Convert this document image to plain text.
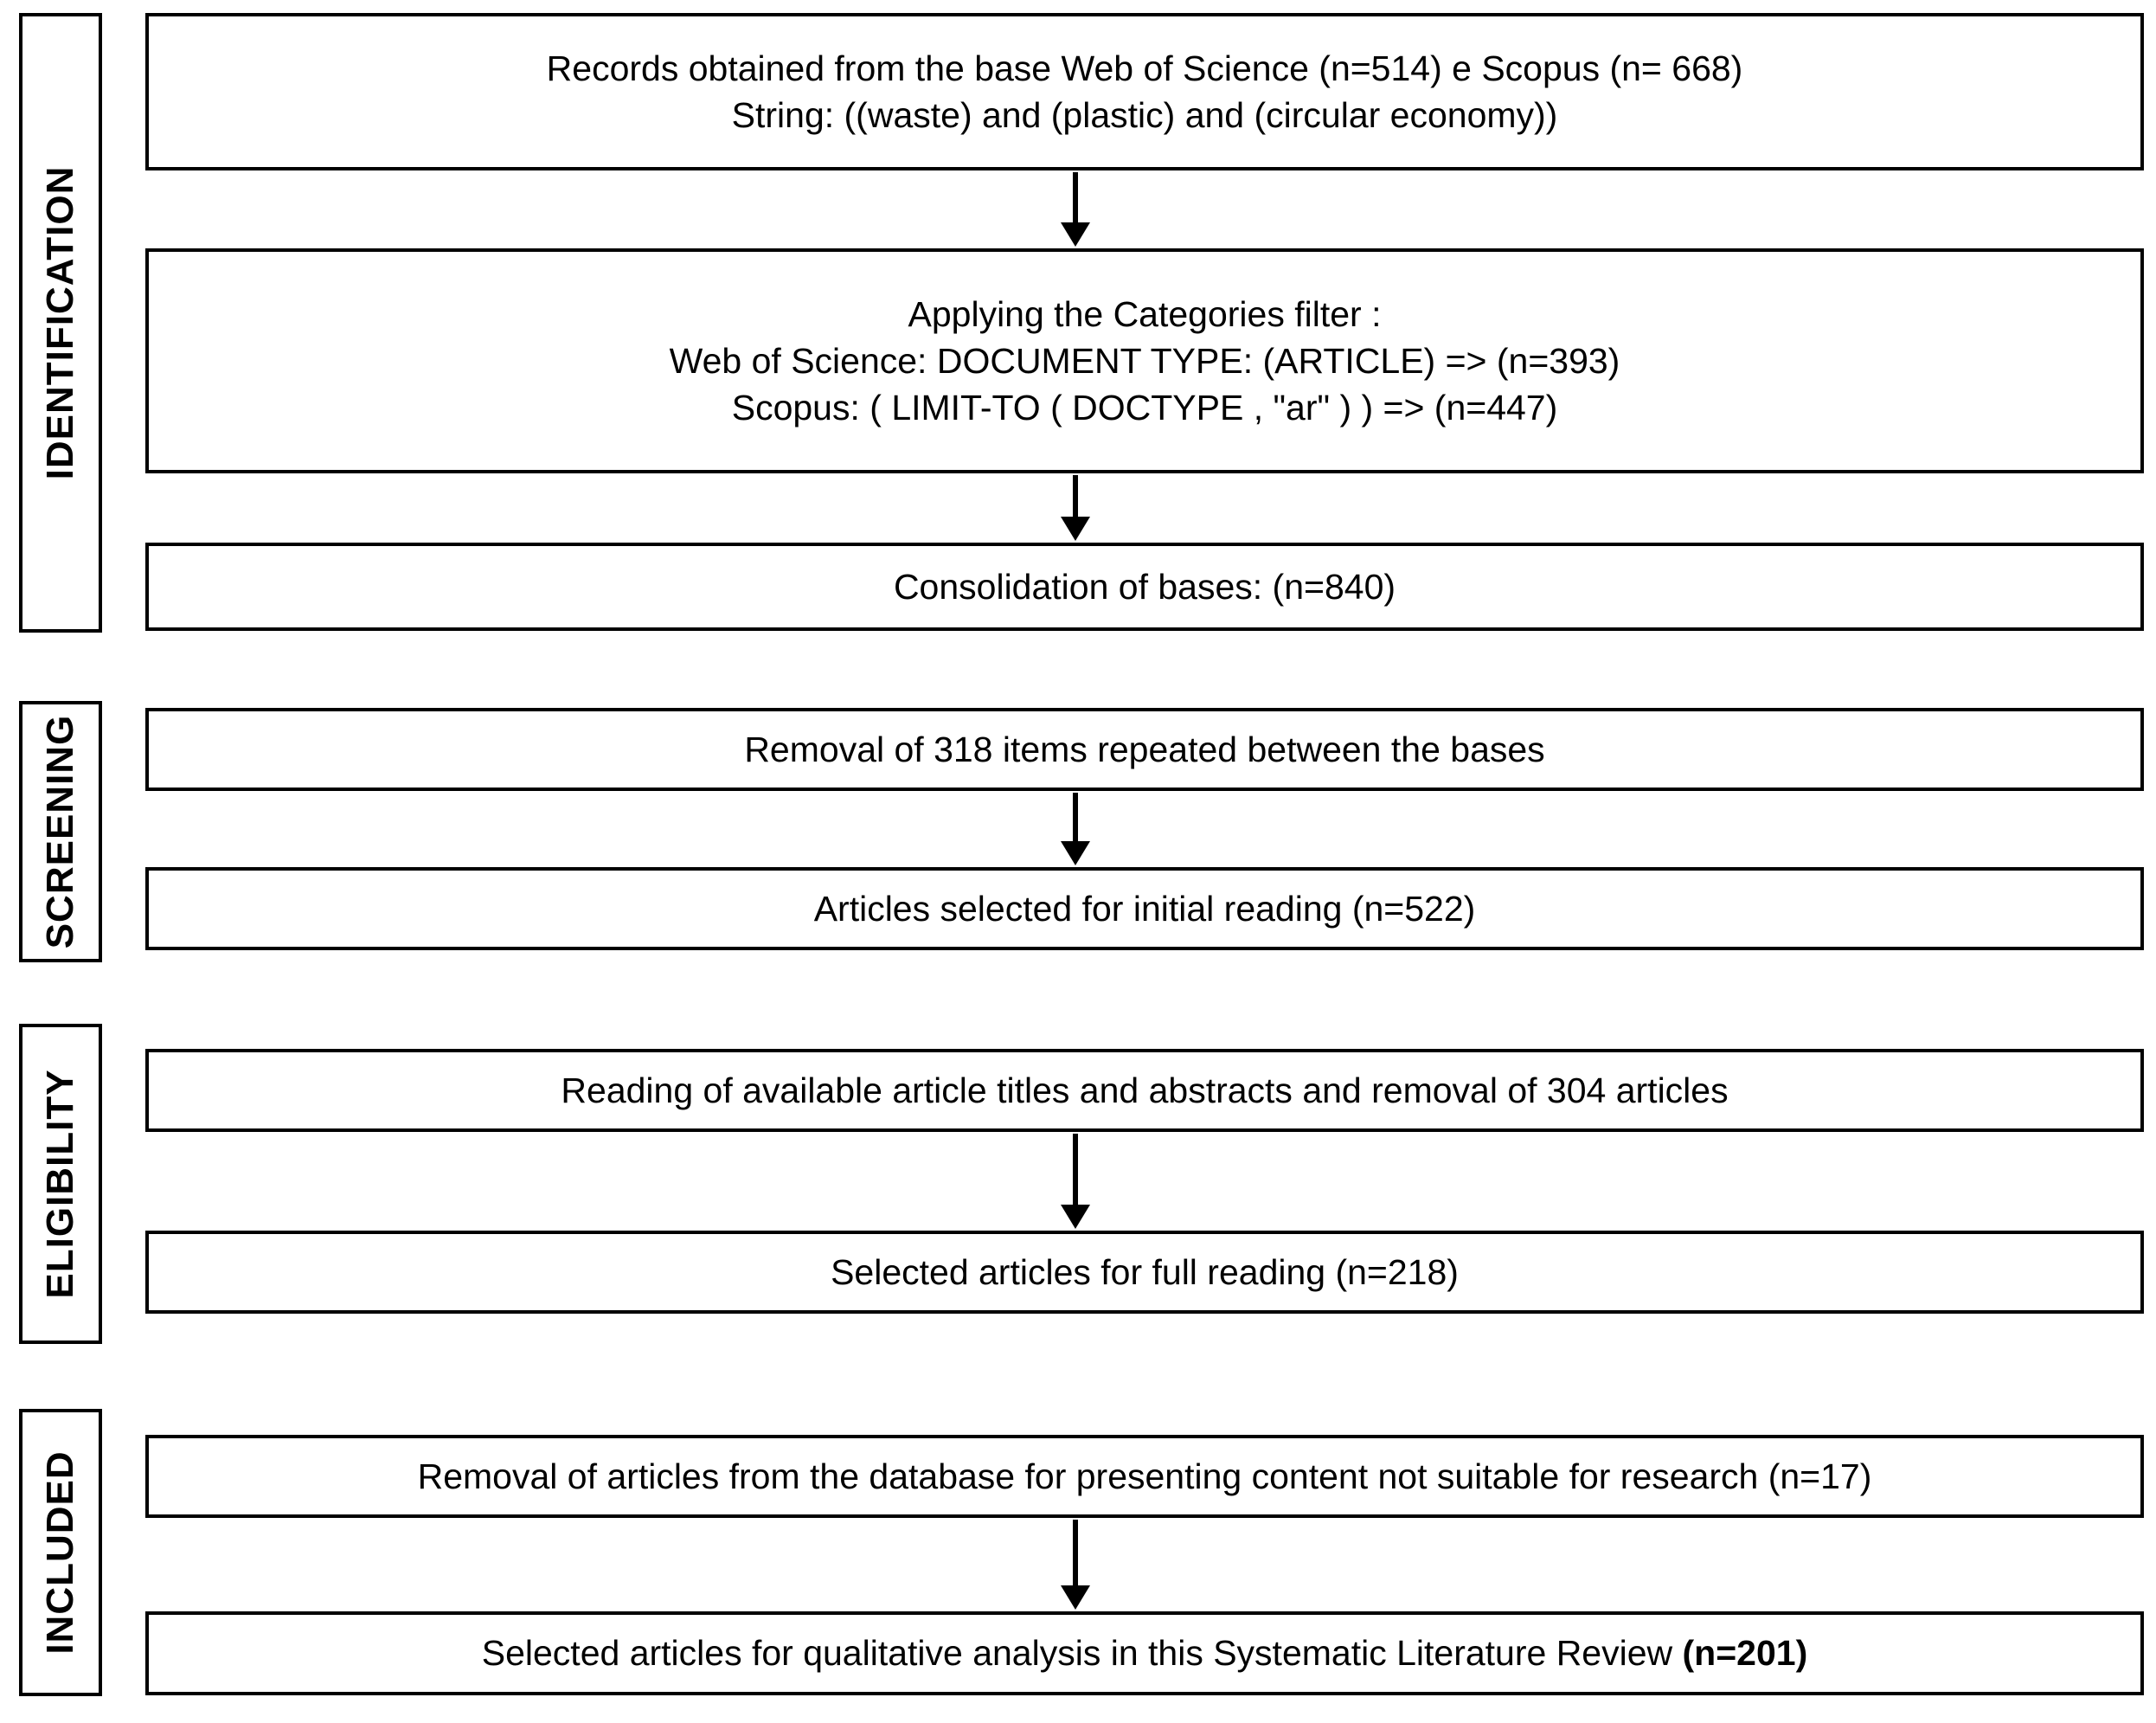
IDENTIFICATION
SCREENING
ELIGIBILITY
INCLUDED
Records obtained from the base Web of Science (n=514) e Scopus (n= 668)
String: ((waste) and (plastic) and (circular economy))
Applying the Categories filter :
Web of Science: DOCUMENT TYPE: (ARTICLE) => (n=393)
Scopus: ( LIMIT-TO ( DOCTYPE , "ar" ) ) => (n=447)
Consolidation of bases: (n=840)
Removal of 318 items repeated between the bases
Articles selected for initial reading (n=522)
Reading of available article titles and abstracts and removal of 304 articles
Selected articles for full reading (n=218)
Removal of articles from the database for presenting content not suitable for research (n=17)
Selected articles for qualitative analysis in this Systematic Literature Review (n=201)
